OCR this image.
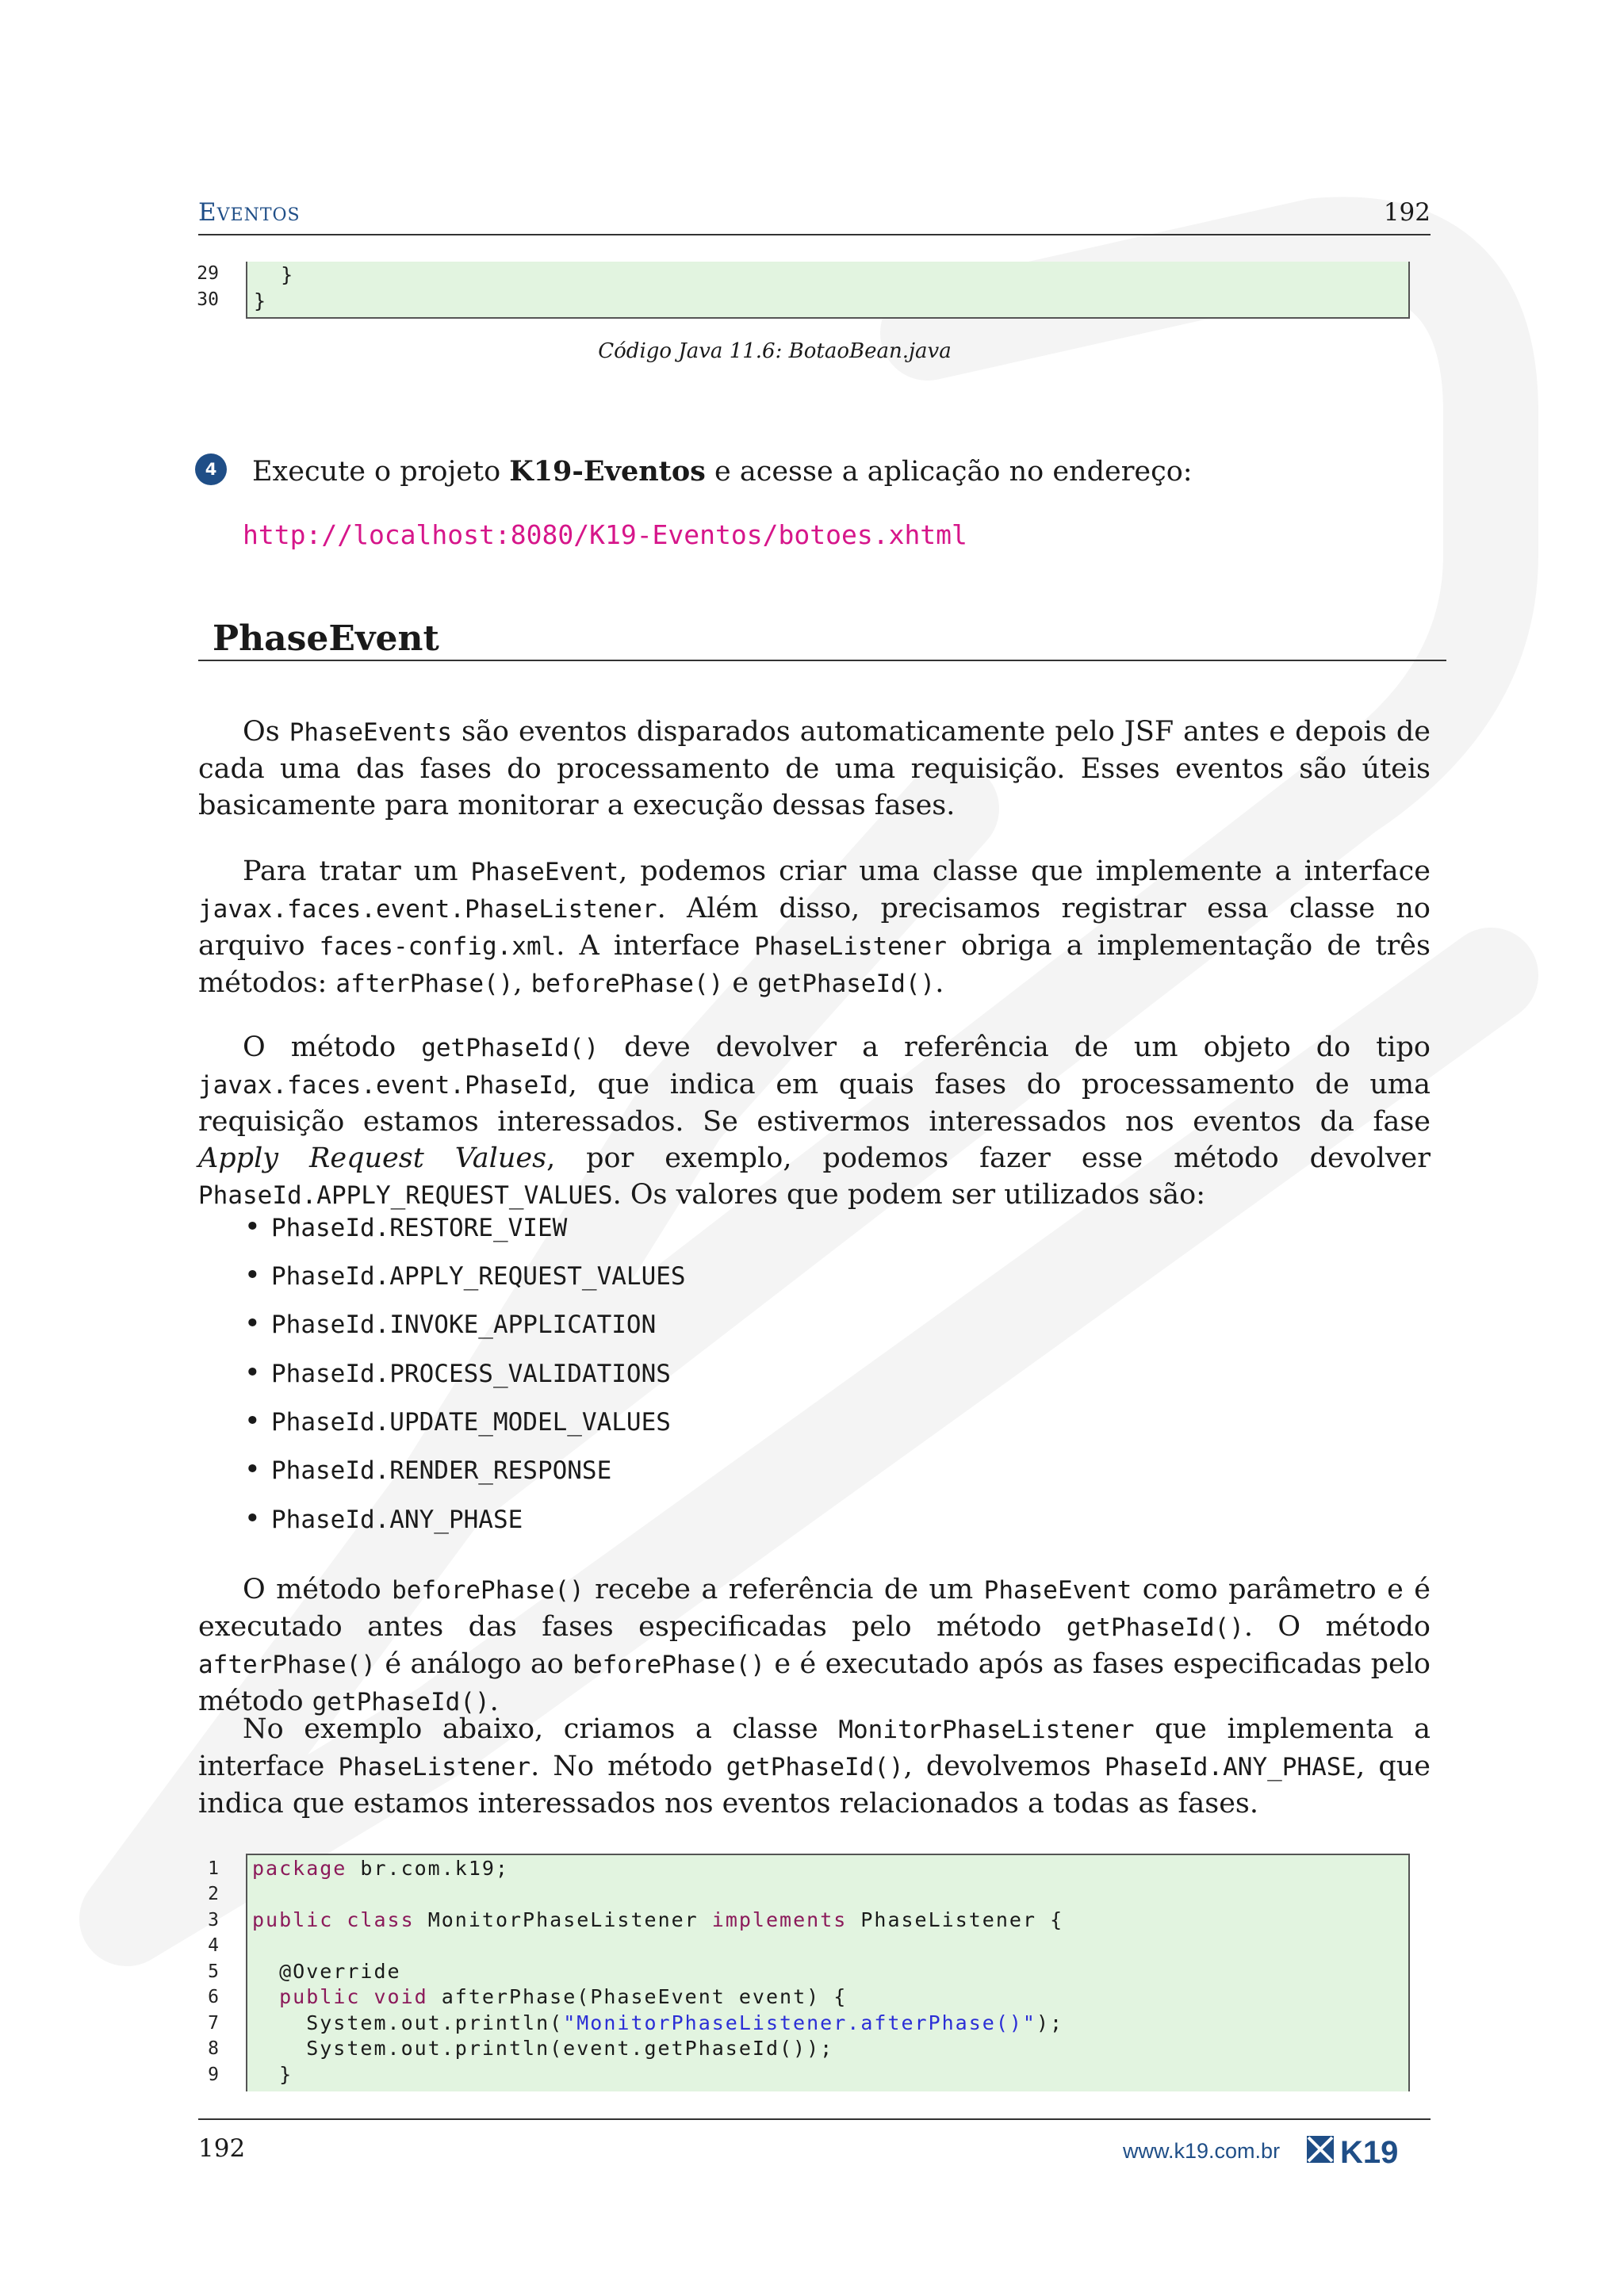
Eventos	192
29
30
}
}
Código Java 11.6: BotaoBean.java
4	Execute o projeto K19-Eventos e acesse a aplicação no endereço:
http://localhost:8080/K19-Eventos/botoes.xhtml
PhaseEvent
Os PhaseEvents são eventos disparados automaticamente pelo JSF antes e depois de cada uma das fases do processamento de uma requisição. Esses eventos são úteis basicamente para monitorar a execução dessas fases.
Para tratar um PhaseEvent, podemos criar uma classe que implemente a interface javax.faces.event.PhaseListener. Além disso, precisamos registrar essa classe no arquivo faces-config.xml. A interface PhaseListener obriga a implementação de três métodos: afterPhase(), beforePhase() e getPhaseId().
O método getPhaseId() deve devolver a referência de um objeto do tipo javax.faces.event.PhaseId, que indica em quais fases do processamento de uma requisição estamos interessados. Se estivermos interessados nos eventos da fase Apply Request Values, por exemplo, podemos fazer esse método devolver PhaseId.APPLY_REQUEST_VALUES. Os valores que podem ser utilizados são:
• PhaseId.RESTORE_VIEW
• PhaseId.APPLY_REQUEST_VALUES
• PhaseId.INVOKE_APPLICATION
• PhaseId.PROCESS_VALIDATIONS
• PhaseId.UPDATE_MODEL_VALUES
• PhaseId.RENDER_RESPONSE
• PhaseId.ANY_PHASE
O método beforePhase() recebe a referência de um PhaseEvent como parâmetro e é executado antes das fases especificadas pelo método getPhaseId(). O método afterPhase() é análogo ao beforePhase() e é executado após as fases especificadas pelo método getPhaseId().
No exemplo abaixo, criamos a classe MonitorPhaseListener que implementa a interface PhaseListener. No método getPhaseId(), devolvemos PhaseId.ANY_PHASE, que indica que estamos interessados nos eventos relacionados a todas as fases.
1
2
3
4
5
6
7
8
9
package br.com.k19;
public class MonitorPhaseListener implements PhaseListener {
@Override
public void afterPhase(PhaseEvent event) {
System.out.println("MonitorPhaseListener.afterPhase()");
System.out.println(event.getPhaseId());
}
192	www.k19.com.br K19
